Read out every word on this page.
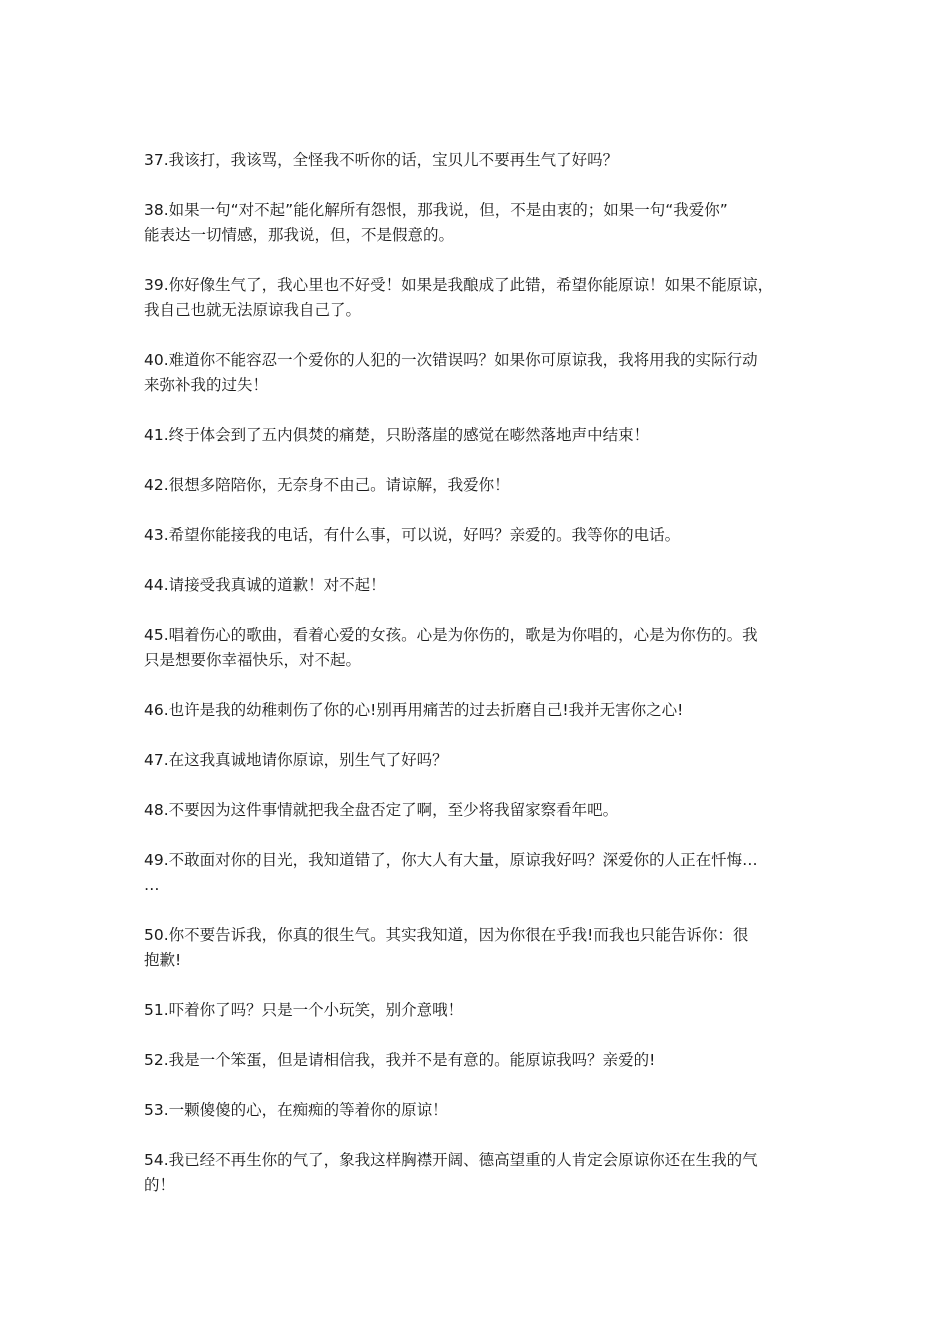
37.我该打，我该骂，全怪我不听你的话，宝贝儿不要再生气了好吗？

38.如果一句“对不起”能化解所有怨恨，那我说，但，不是由衷的；如果一句“我爱你”
能表达一切情感，那我说，但，不是假意的。

39.你好像生气了，我心里也不好受！如果是我酿成了此错，希望你能原谅！如果不能原谅，
我自己也就无法原谅我自己了。

40.难道你不能容忍一个爱你的人犯的一次错误吗？如果你可原谅我，我将用我的实际行动
来弥补我的过失！

41.终于体会到了五内俱焚的痛楚，只盼落崖的感觉在嘭然落地声中结束！

42.很想多陪陪你，无奈身不由己。请谅解，我爱你！

43.希望你能接我的电话，有什么事，可以说，好吗？亲爱的。我等你的电话。

44.请接受我真诚的道歉！对不起！

45.唱着伤心的歌曲，看着心爱的女孩。心是为你伤的，歌是为你唱的，心是为你伤的。我
只是想要你幸福快乐，对不起。

46.也许是我的幼稚刺伤了你的心!别再用痛苦的过去折磨自己!我并无害你之心!

47.在这我真诚地请你原谅，别生气了好吗？

48.不要因为这件事情就把我全盘否定了啊，至少将我留家察看年吧。

49.不敢面对你的目光，我知道错了，你大人有大量，原谅我好吗？深爱你的人正在忏悔…
…

50.你不要告诉我，你真的很生气。其实我知道，因为你很在乎我!而我也只能告诉你：很
抱歉!

51.吓着你了吗？只是一个小玩笑，别介意哦！

52.我是一个笨蛋，但是请相信我，我并不是有意的。能原谅我吗？亲爱的!

53.一颗傻傻的心，在痴痴的等着你的原谅！

54.我已经不再生你的气了，象我这样胸襟开阔、德高望重的人肯定会原谅你还在生我的气
的！
